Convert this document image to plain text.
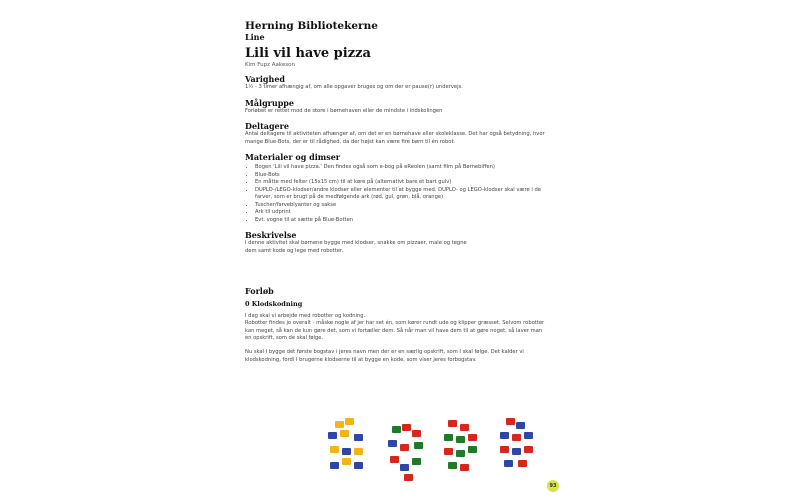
Herning Bibliotekerne
Line
Lili vil have pizza
Kim Fupz Aakeson
Varighed
1½ - 3 timer afhængig af, om alle opgaver bruges og om der er pause(r) undervejs.
Målgruppe
Forløbet er rettet mod de store i børnehaven eller de mindste i indskolingen
Deltagere
Antal deltagere til aktiviteten afhænger af, om det er en børnehave eller skoleklasse. Det har også betydning, hvor mange Blue-Bots, der er til rådighed, da der højst kan være fire børn til én robot.
Materialer og dimser
• Bogen 'Lili vil have pizza.' Den findes også som e-bog på eReolen (samt film på Børnebiffen)
• Blue-Bots
• En måtte med felter (15x15 cm) til at køre på (alternativt bare et bart gulv)
• DUPLO-/LEGO-klodser/andre klodser eller elementer til at bygge med. DUPLO- og LEGO-klodser skal være i de farver, som er brugt på de medfølgende ark (rød, gul, grøn, blå, orange)
• Tuscher/farveblyanter og sakse
• Ark til udprint
• Evt. vogne til at sætte på Blue-Botten
Beskrivelse
I denne aktivitet skal børnene bygge med klodser, snakke om pizzaer, male og tegne dem samt kode og lege med robotter.
Forløb
0 Klodskodning
I dag skal vi arbejde med robotter og kodning.
Robotter findes jo overalt - måske nogle af jer har set én, som kører rundt ude og klipper græsset. Selvom robotter kan meget, så kan de kun gøre det, som vi fortæller dem. Så når man vil have dem til at gøre noget, så laver man en opskrift, som de skal følge.
Nu skal I bygge det første bogstav i jeres navn men der er en særlig opskrift, som I skal følge. Det kalder vi klodskodning, fordi I brugerne klodserne til at bygge en kode, som viser jeres forbogstav.
93
